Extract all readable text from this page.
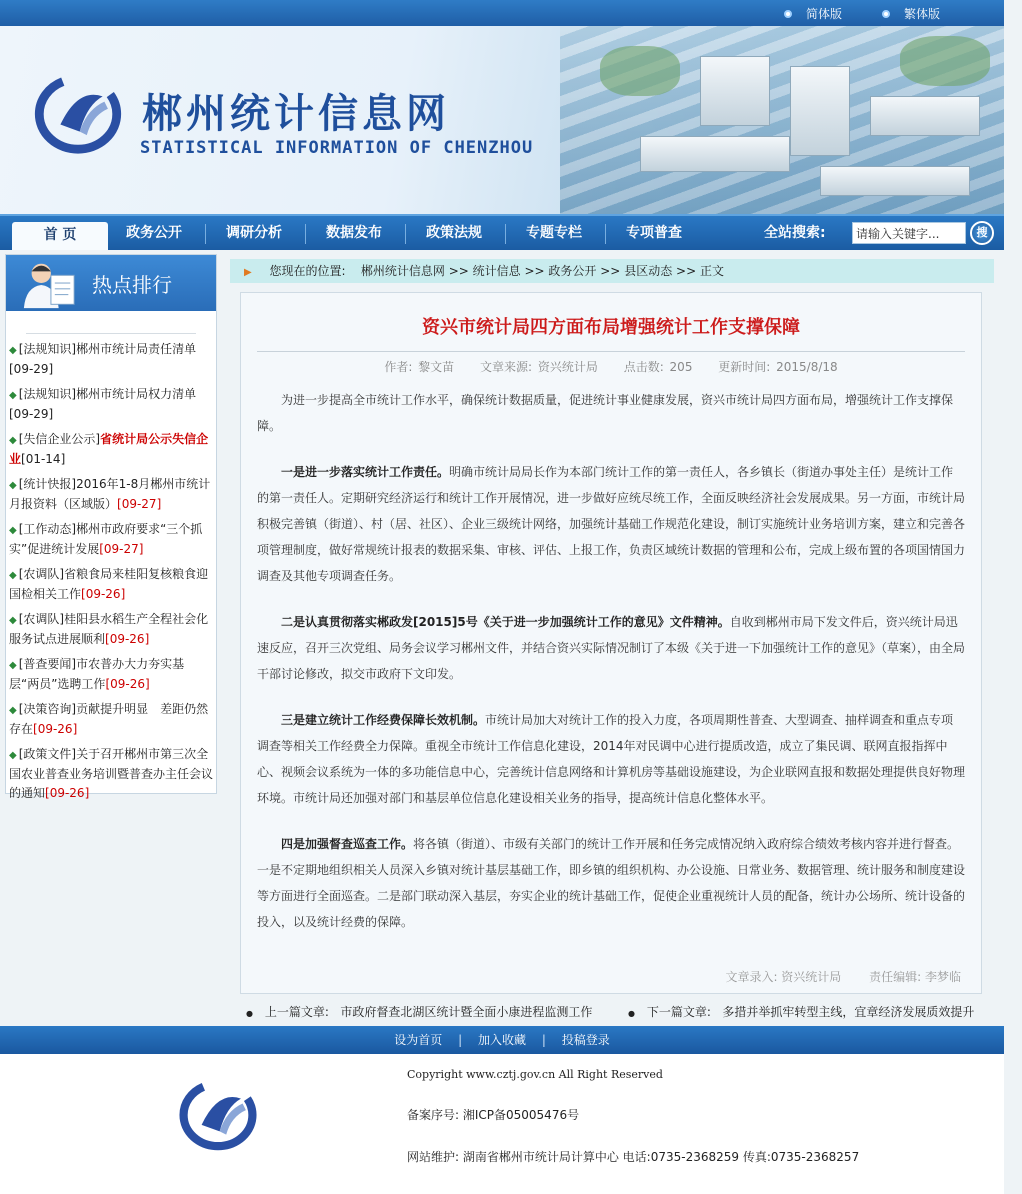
简体版	繁体版
郴州统计信息网
STATISTICAL INFORMATION OF CHENZHOU
首 页	政务公开	调研分析	数据发布	政策法规	专题专栏	专项普查	全站搜索:
请输入关键字...	搜
热点排行
◆ [法规知识]郴州市统计局责任清单
[09-29]
◆ [法规知识]郴州市统计局权力清单
[09-29]
◆ [失信企业公示]省统计局公示失信企业[01-14]
◆ [统计快报]2016年1-8月郴州市统计月报资料（区域版）[09-27]
◆ [工作动态]郴州市政府要求“三个抓实”促进统计发展[09-27]
◆ [农调队]省粮食局来桂阳复核粮食迎国检相关工作[09-26]
◆ [农调队]桂阳县水稻生产全程社会化服务试点进展顺利[09-26]
◆ [普查要闻]市农普办大力夯实基层“两员”选聘工作[09-26]
◆ [决策咨询]贡献提升明显　差距仍然存在[09-26]
◆ [政策文件]关于召开郴州市第三次全国农业普查业务培训暨普查办主任会议的通知[09-26]
▶ 您现在的位置: 郴州统计信息网 >> 统计信息 >> 政务公开 >> 县区动态 >> 正文
资兴市统计局四方面布局增强统计工作支撑保障
作者: 黎文苗 文章来源: 资兴统计局 点击数: 205 更新时间: 2015/8/18

为进一步提高全市统计工作水平，确保统计数据质量，促进统计事业健康发展，资兴市统计局四方面布局，增强统计工作支撑保障。

一是进一步落实统计工作责任。明确市统计局局长作为本部门统计工作的第一责任人，各乡镇长（街道办事处主任）是统计工作的第一责任人。定期研究经济运行和统计工作开展情况，进一步做好应统尽统工作，全面反映经济社会发展成果。另一方面，市统计局积极完善镇（街道）、村（居、社区）、企业三级统计网络，加强统计基础工作规范化建设，制订实施统计业务培训方案，建立和完善各项管理制度，做好常规统计报表的数据采集、审核、评估、上报工作，负责区域统计数据的管理和公布，完成上级布置的各项国情国力调查及其他专项调查任务。

二是认真贯彻落实郴政发[2015]5号《关于进一步加强统计工作的意见》文件精神。自收到郴州市局下发文件后，资兴统计局迅速反应，召开三次党组、局务会议学习郴州文件，并结合资兴实际情况制订了本级《关于进一下加强统计工作的意见》（草案），由全局干部讨论修改，拟交市政府下文印发。

三是建立统计工作经费保障长效机制。市统计局加大对统计工作的投入力度，各项周期性普查、大型调查、抽样调查和重点专项调查等相关工作经费全力保障。重视全市统计工作信息化建设，2014年对民调中心进行提质改造，成立了集民调、联网直报指挥中心、视频会议系统为一体的多功能信息中心，完善统计信息网络和计算机房等基础设施建设，为企业联网直报和数据处理提供良好物理环境。市统计局还加强对部门和基层单位信息化建设相关业务的指导，提高统计信息化整体水平。

四是加强督查巡查工作。将各镇（街道）、市级有关部门的统计工作开展和任务完成情况纳入政府综合绩效考核内容并进行督查。一是不定期地组织相关人员深入乡镇对统计基层基础工作，即乡镇的组织机构、办公设施、日常业务、数据管理、统计服务和制度建设等方面进行全面巡查。二是部门联动深入基层，夯实企业的统计基础工作，促使企业重视统计人员的配备，统计办公场所、统计设备的投入，以及统计经费的保障。

文章录入: 资兴统计局 责任编辑: 李梦临
● 上一篇文章: 市政府督查北湖区统计暨全面小康进程监测工作	● 下一篇文章: 多措并举抓牢转型主线，宜章经济发展质效提升
设为首页 | 加入收藏 | 投稿登录
Copyright www.cztj.gov.cn All Right Reserved
备案序号: 湘ICP备05005476号
网站维护: 湖南省郴州市统计局计算中心 电话:0735-2368259 传真:0735-2368257
